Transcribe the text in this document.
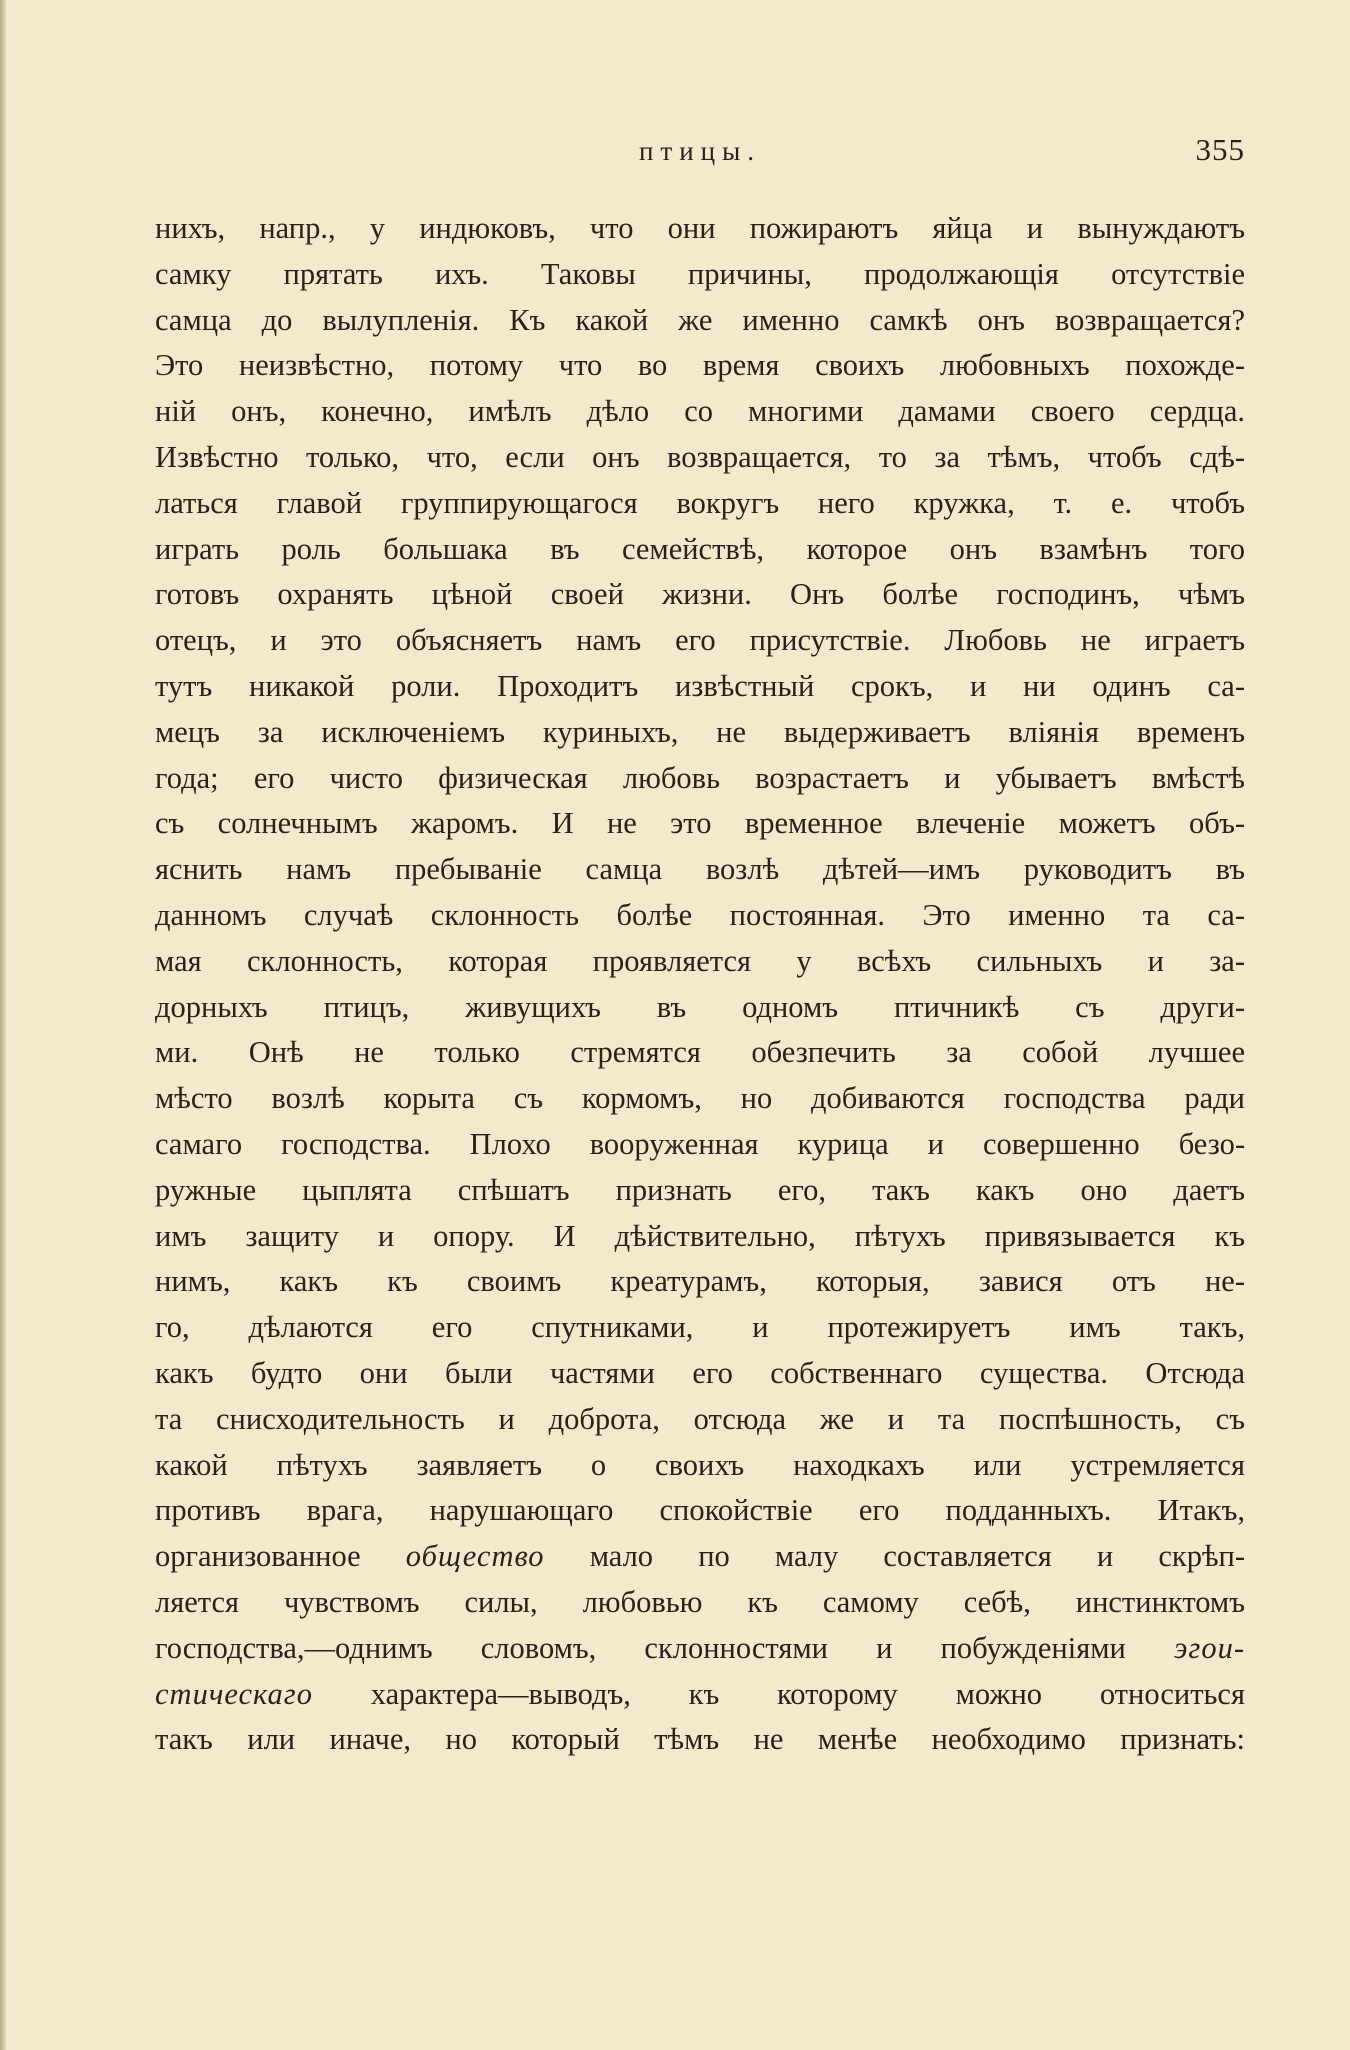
птицы.	355
нихъ, напр., у индюковъ, что они пожираютъ яйца и вынуждаютъ
самку прятать ихъ. Таковы причины, продолжающія отсутствіе
самца до вылупленія. Къ какой же именно самкѣ онъ возвращается?
Это неизвѣстно, потому что во время своихъ любовныхъ похожде-
ній онъ, конечно, имѣлъ дѣло со многими дамами своего сердца.
Извѣстно только, что, если онъ возвращается, то за тѣмъ, чтобъ сдѣ-
латься главой группирующагося вокругъ него кружка, т. е. чтобъ
играть роль большака въ семействѣ, которое онъ взамѣнъ того
готовъ охранять цѣной своей жизни. Онъ болѣе господинъ, чѣмъ
отецъ, и это объясняетъ намъ его присутствіе. Любовь не играетъ
тутъ никакой роли. Проходитъ извѣстный срокъ, и ни одинъ са-
мецъ за исключеніемъ куриныхъ, не выдерживаетъ вліянія временъ
года; его чисто физическая любовь возрастаетъ и убываетъ вмѣстѣ
съ солнечнымъ жаромъ. И не это временное влеченіе можетъ объ-
яснить намъ пребываніе самца возлѣ дѣтей—имъ руководитъ въ
данномъ случаѣ склонность болѣе постоянная. Это именно та са-
мая склонность, которая проявляется у всѣхъ сильныхъ и за-
дорныхъ птицъ, живущихъ въ одномъ птичникѣ съ други-
ми. Онѣ не только стремятся обезпечить за собой лучшее
мѣсто возлѣ корыта съ кормомъ, но добиваются господства ради
самаго господства. Плохо вооруженная курица и совершенно безо-
ружные цыплята спѣшатъ признать его, такъ какъ оно даетъ
имъ защиту и опору. И дѣйствительно, пѣтухъ привязывается къ
нимъ, какъ къ своимъ креатурамъ, которыя, завися отъ не-
го, дѣлаются его спутниками, и протежируетъ имъ такъ,
какъ будто они были частями его собственнаго существа. Отсюда
та снисходительность и доброта, отсюда же и та поспѣшность, съ
какой пѣтухъ заявляетъ о своихъ находкахъ или устремляется
противъ врага, нарушающаго спокойствіе его подданныхъ. Итакъ,
организованное общество мало по малу составляется и скрѣп-
ляется чувствомъ силы, любовью къ самому себѣ, инстинктомъ
господства,—однимъ словомъ, склонностями и побужденіями эгои-
стическаго характера—выводъ, къ которому можно относиться
такъ или иначе, но который тѣмъ не менѣе необходимо признать:
